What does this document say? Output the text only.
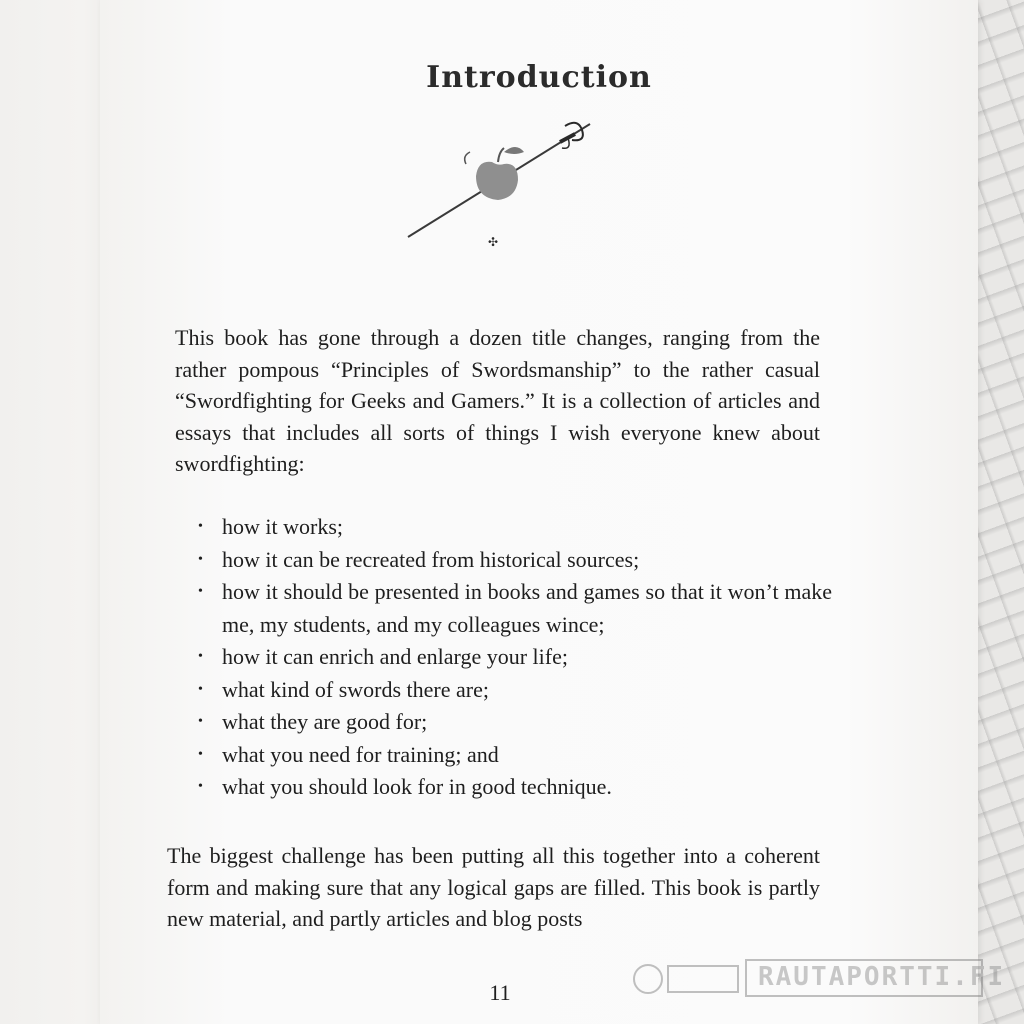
Introduction
✣

This book has gone through a dozen title changes, ranging from the rather pompous “Principles of Swordsmanship” to the rather casual “Swordfighting for Geeks and Gamers.” It is a collection of articles and essays that includes all sorts of things I wish everyone knew about swordfighting:

• how it works;
• how it can be recreated from historical sources;
• how it should be presented in books and games so that it won’t make me, my students, and my colleagues wince;
• how it can enrich and enlarge your life;
• what kind of swords there are;
• what they are good for;
• what you need for training; and
• what you should look for in good technique.

The biggest challenge has been putting all this together into a coherent form and making sure that any logical gaps are filled. This book is partly new material, and partly articles and blog posts

11
RAUTAPORTTI.FI
